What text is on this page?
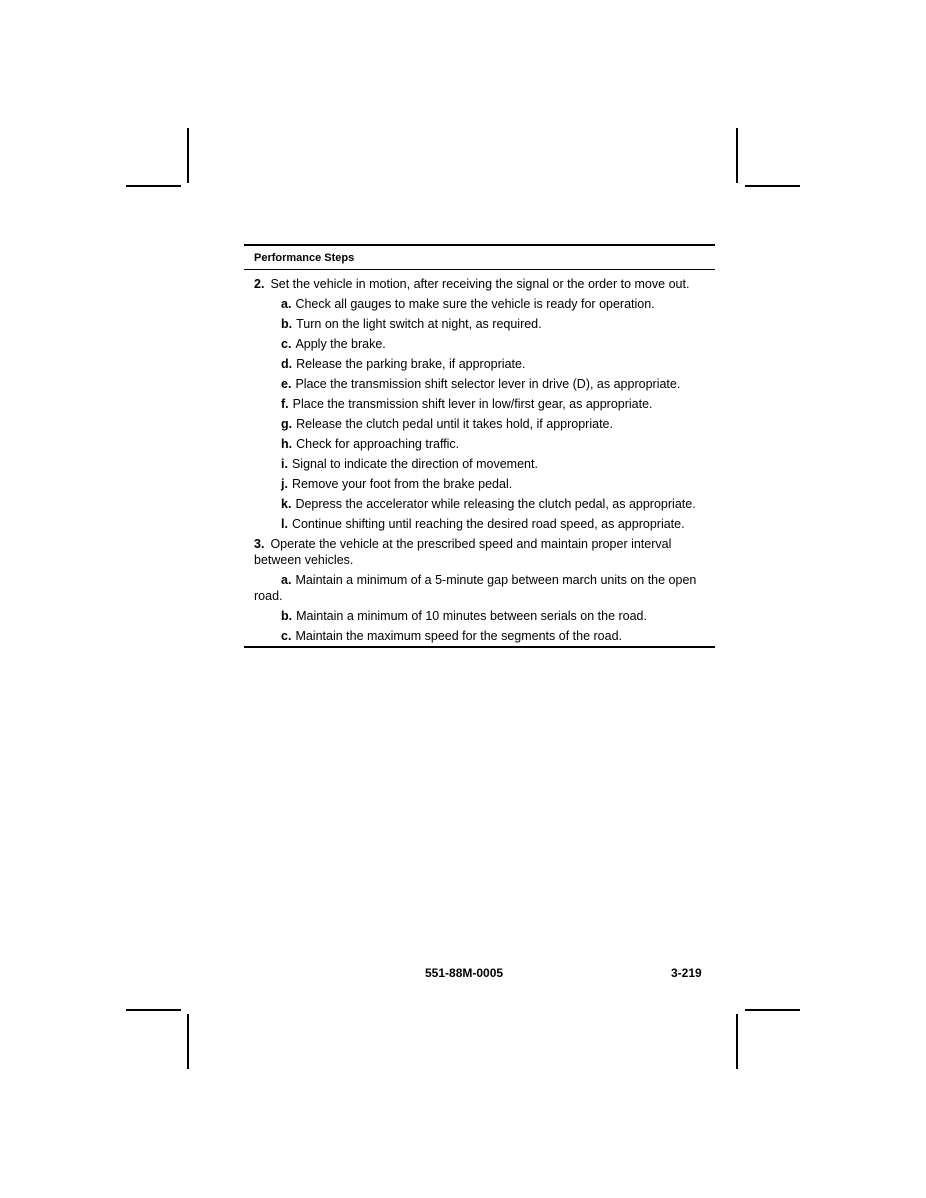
Performance Steps
2. Set the vehicle in motion, after receiving the signal or the order to move out.
a. Check all gauges to make sure the vehicle is ready for operation.
b. Turn on the light switch at night, as required.
c. Apply the brake.
d. Release the parking brake, if appropriate.
e. Place the transmission shift selector lever in drive (D), as appropriate.
f. Place the transmission shift lever in low/first gear, as appropriate.
g. Release the clutch pedal until it takes hold, if appropriate.
h. Check for approaching traffic.
i. Signal to indicate the direction of movement.
j. Remove your foot from the brake pedal.
k. Depress the accelerator while releasing the clutch pedal, as appropriate.
l. Continue shifting until reaching the desired road speed, as appropriate.
3. Operate the vehicle at the prescribed speed and maintain proper interval between vehicles.
a. Maintain a minimum of a 5-minute gap between march units on the open road.
b. Maintain a minimum of 10 minutes between serials on the road.
c. Maintain the maximum speed for the segments of the road.
551-88M-0005	3-219
